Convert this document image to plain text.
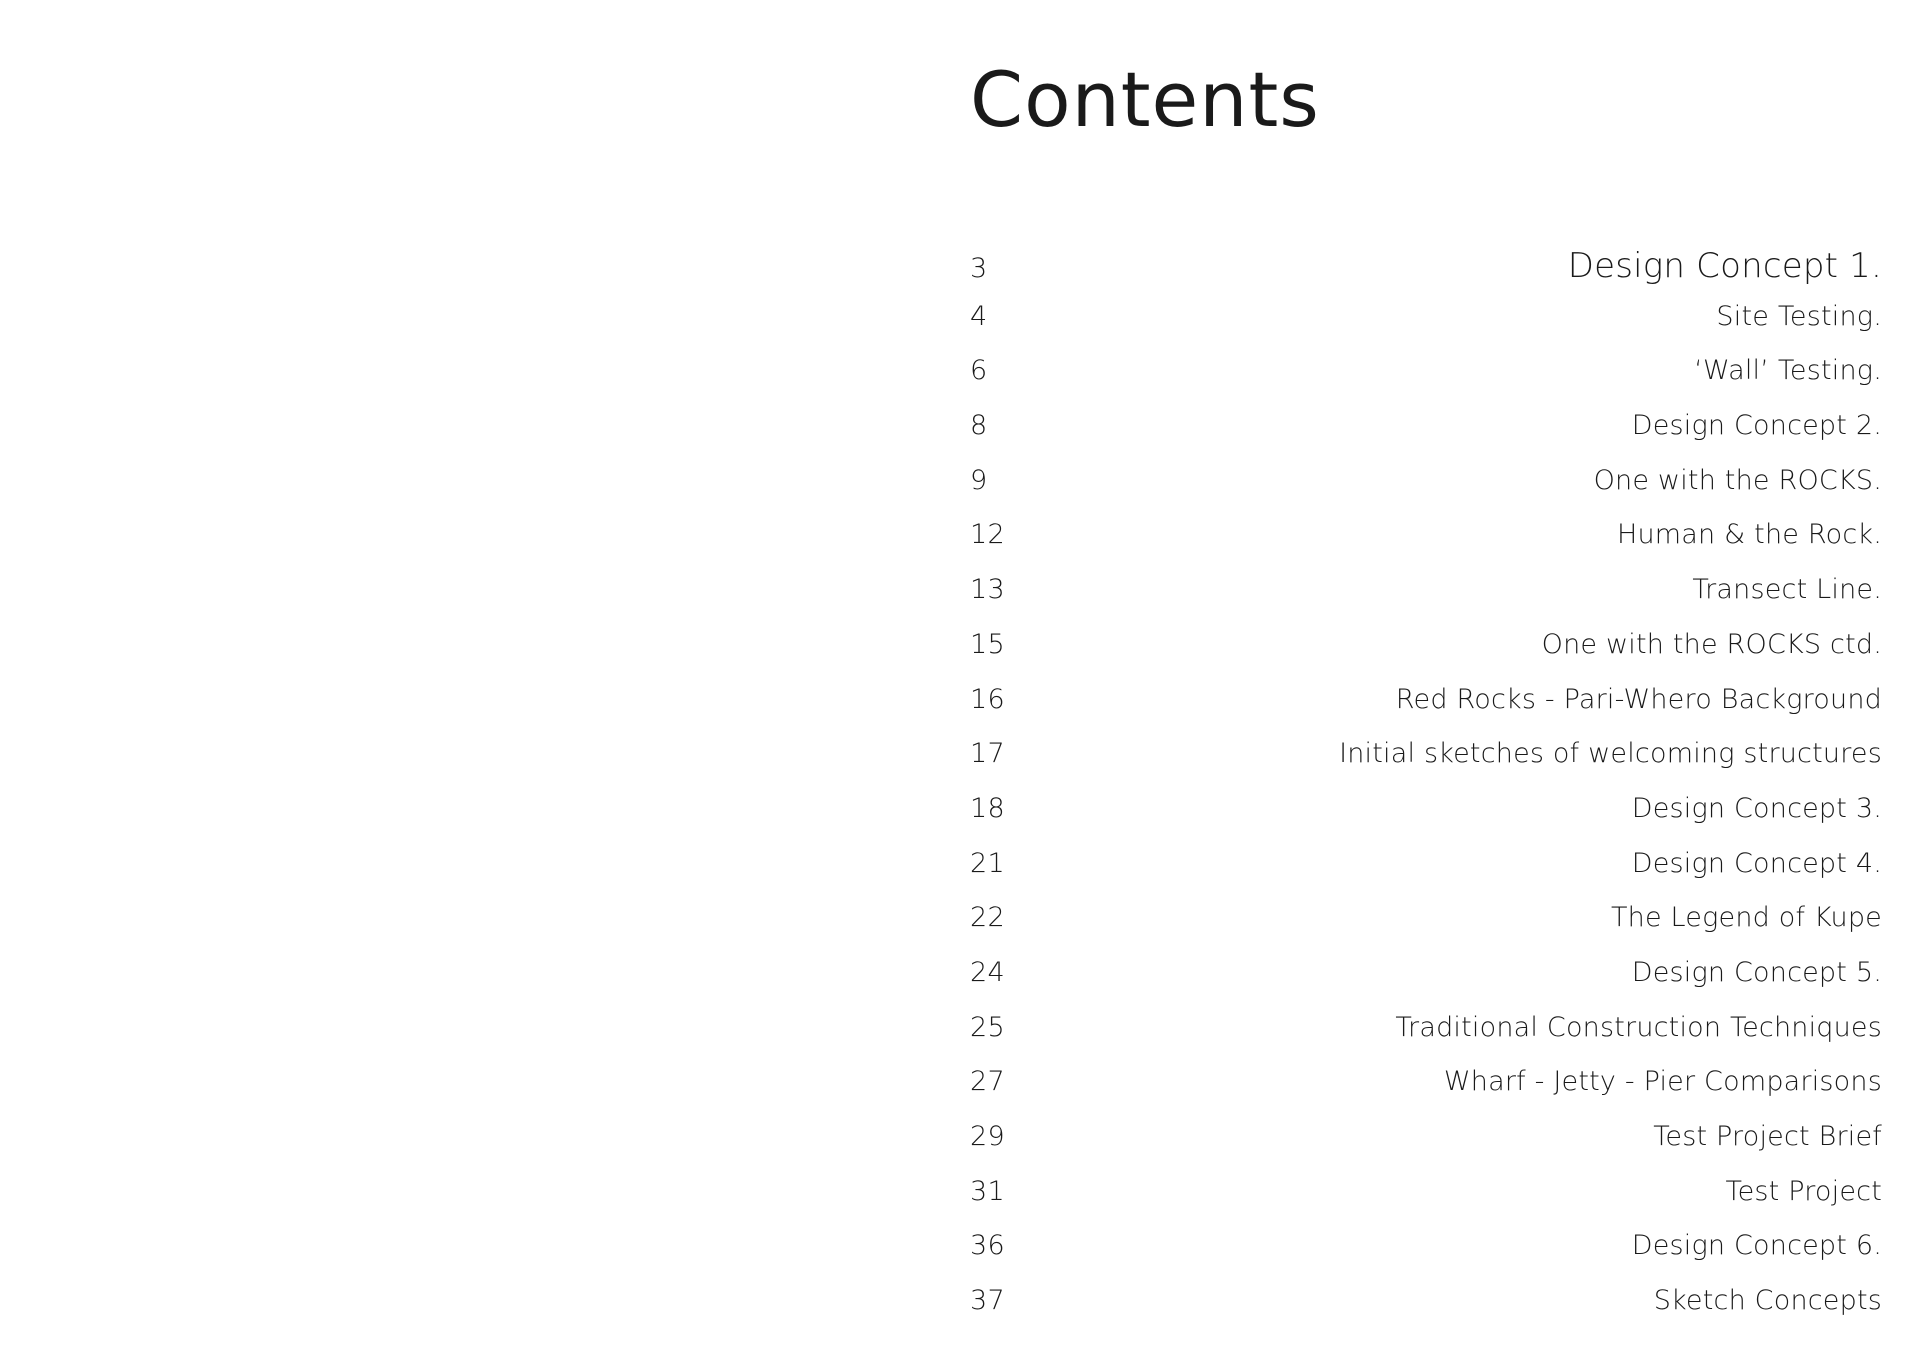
Contents
3	Design Concept 1.
4	Site Testing.
6	‘Wall’ Testing.
8	Design Concept 2.
9	One with the ROCKS.
12	Human & the Rock.
13	Transect Line.
15	One with the ROCKS ctd.
16	Red Rocks - Pari-Whero Background
17	Initial sketches of welcoming structures
18	Design Concept 3.
21	Design Concept 4.
22	The Legend of Kupe
24	Design Concept 5.
25	Traditional Construction Techniques
27	Wharf - Jetty - Pier Comparisons
29	Test Project Brief
31	Test Project
36	Design Concept 6.
37	Sketch Concepts
